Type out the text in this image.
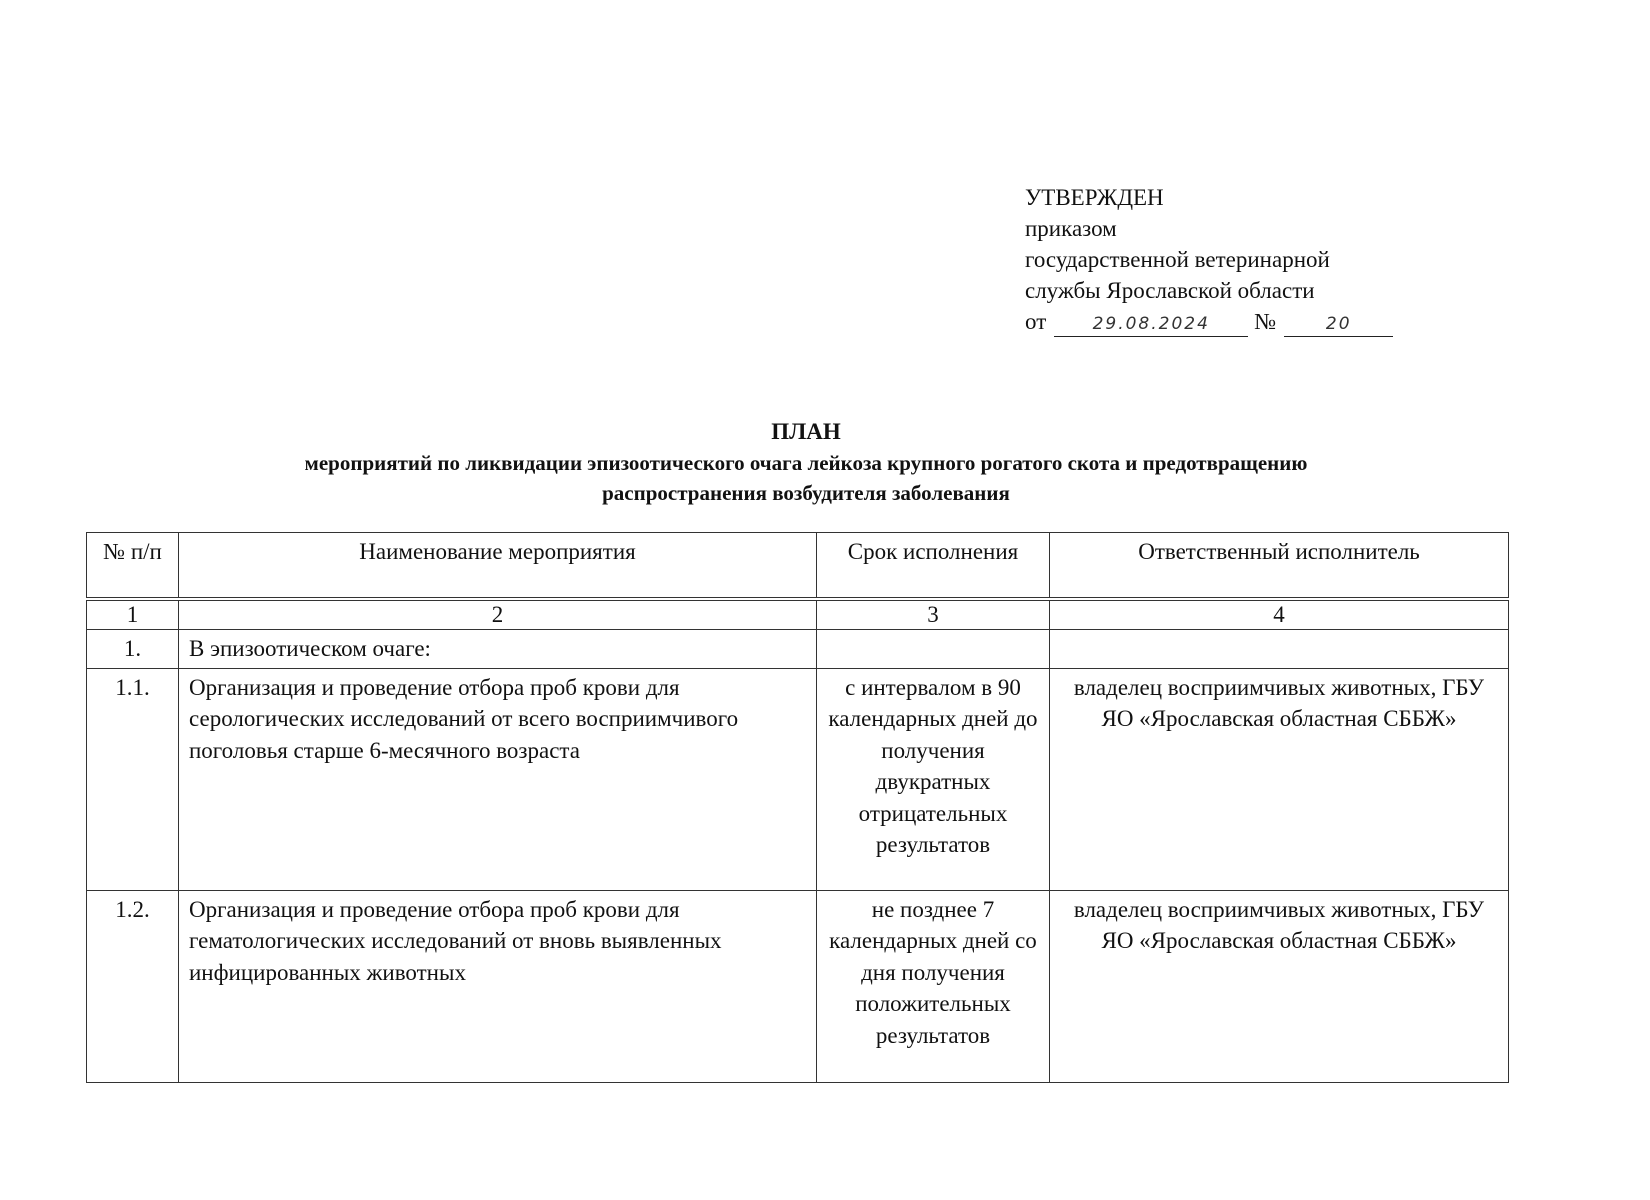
УТВЕРЖДЕН
приказом
государственной ветеринарной
службы Ярославской области
от	29.08.2024	№	20
ПЛАН
мероприятий по ликвидации эпизоотического очага лейкоза крупного рогатого скота и предотвращению
распространения возбудителя заболевания
№ п/п	Наименование мероприятия	Срок исполнения	Ответственный исполнитель
1	2	3	4
1.	В эпизоотическом очаге:		
1.1.	Организация и проведение отбора проб крови для серологических исследований от всего восприимчивого поголовья старше 6-месячного возраста	с интервалом в 90 календарных дней до получения двукратных отрицательных результатов	владелец восприимчивых животных, ГБУ ЯО «Ярославская областная СББЖ»
1.2.	Организация и проведение отбора проб крови для гематологических исследований от вновь выявленных инфицированных животных	не позднее 7 календарных дней со дня получения положительных результатов	владелец восприимчивых животных, ГБУ ЯО «Ярославская областная СББЖ»
